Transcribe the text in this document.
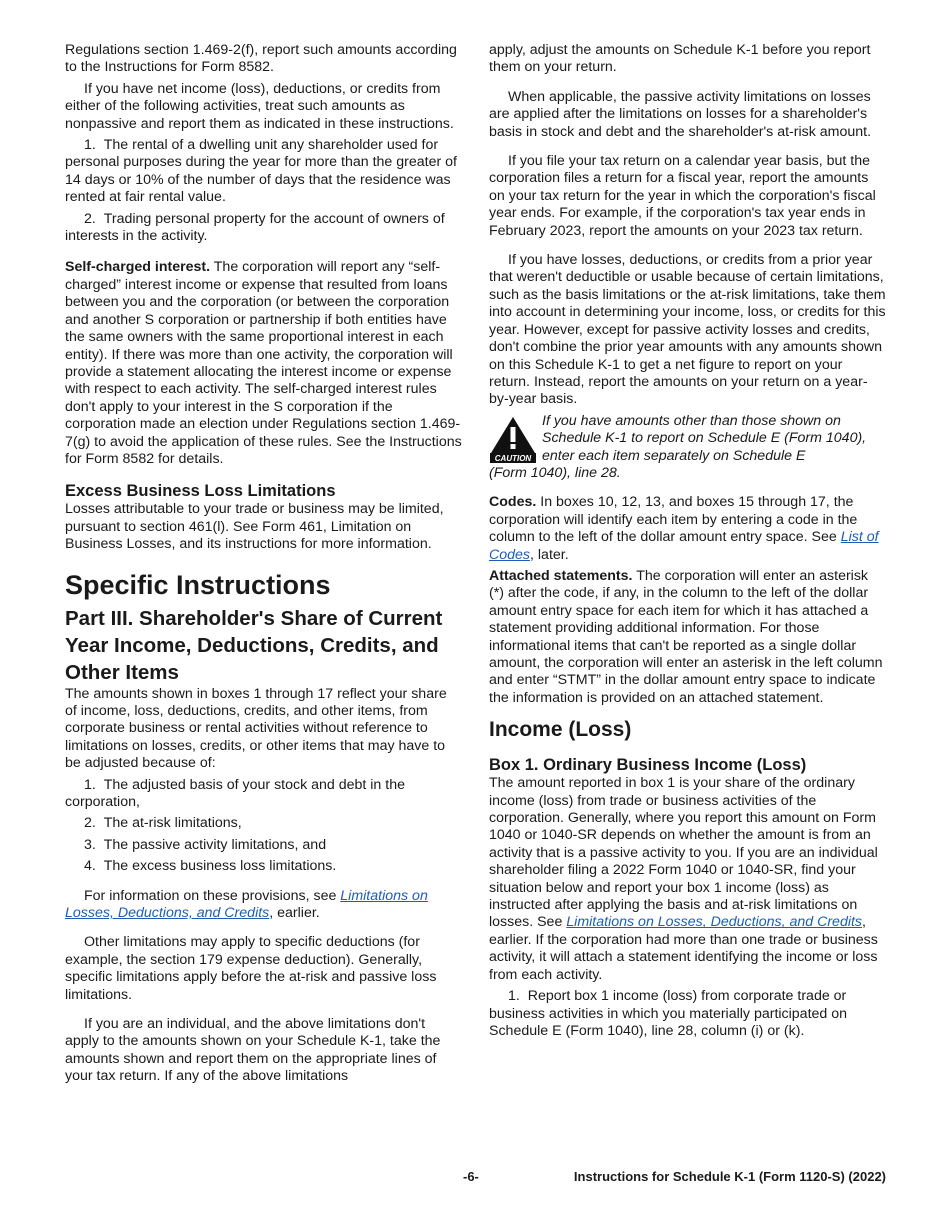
Regulations section 1.469-2(f), report such amounts according to the Instructions for Form 8582.

If you have net income (loss), deductions, or credits from either of the following activities, treat such amounts as nonpassive and report them as indicated in these instructions.

1.  The rental of a dwelling unit any shareholder used for personal purposes during the year for more than the greater of 14 days or 10% of the number of days that the residence was rented at fair rental value.

2.  Trading personal property for the account of owners of interests in the activity.

Self-charged interest. The corporation will report any “self-charged” interest income or expense that resulted from loans between you and the corporation (or between the corporation and another S corporation or partnership if both entities have the same owners with the same proportional interest in each entity). If there was more than one activity, the corporation will provide a statement allocating the interest income or expense with respect to each activity. The self-charged interest rules don't apply to your interest in the S corporation if the corporation made an election under Regulations section 1.469-7(g) to avoid the application of these rules. See the Instructions for Form 8582 for details.

Excess Business Loss Limitations

Losses attributable to your trade or business may be limited, pursuant to section 461(l). See Form 461, Limitation on Business Losses, and its instructions for more information.

Specific Instructions
Part III. Shareholder's Share of Current Year Income, Deductions, Credits, and Other Items

The amounts shown in boxes 1 through 17 reflect your share of income, loss, deductions, credits, and other items, from corporate business or rental activities without reference to limitations on losses, credits, or other items that may have to be adjusted because of:

1.  The adjusted basis of your stock and debt in the corporation,

2.  The at-risk limitations,

3.  The passive activity limitations, and

4.  The excess business loss limitations.

For information on these provisions, see Limitations on Losses, Deductions, and Credits, earlier.

Other limitations may apply to specific deductions (for example, the section 179 expense deduction). Generally, specific limitations apply before the at-risk and passive loss limitations.

If you are an individual, and the above limitations don't apply to the amounts shown on your Schedule K-1, take the amounts shown and report them on the appropriate lines of your tax return. If any of the above limitations

apply, adjust the amounts on Schedule K-1 before you report them on your return.

When applicable, the passive activity limitations on losses are applied after the limitations on losses for a shareholder's basis in stock and debt and the shareholder's at-risk amount.

If you file your tax return on a calendar year basis, but the corporation files a return for a fiscal year, report the amounts on your tax return for the year in which the corporation's fiscal year ends. For example, if the corporation's tax year ends in February 2023, report the amounts on your 2023 tax return.

If you have losses, deductions, or credits from a prior year that weren't deductible or usable because of certain limitations, such as the basis limitations or the at-risk limitations, take them into account in determining your income, loss, or credits for this year. However, except for passive activity losses and credits, don't combine the prior year amounts with any amounts shown on this Schedule K-1 to get a net figure to report on your return. Instead, report the amounts on your return on a year-by-year basis.

CAUTION
If you have amounts other than those shown on Schedule K-1 to report on Schedule E (Form 1040), enter each item separately on Schedule E
(Form 1040), line 28.

Codes. In boxes 10, 12, 13, and boxes 15 through 17, the corporation will identify each item by entering a code in the column to the left of the dollar amount entry space. See List of Codes, later.

Attached statements. The corporation will enter an asterisk (*) after the code, if any, in the column to the left of the dollar amount entry space for each item for which it has attached a statement providing additional information. For those informational items that can't be reported as a single dollar amount, the corporation will enter an asterisk in the left column and enter “STMT” in the dollar amount entry space to indicate the information is provided on an attached statement.

Income (Loss)
Box 1. Ordinary Business Income (Loss)

The amount reported in box 1 is your share of the ordinary income (loss) from trade or business activities of the corporation. Generally, where you report this amount on Form 1040 or 1040-SR depends on whether the amount is from an activity that is a passive activity to you. If you are an individual shareholder filing a 2022 Form 1040 or 1040-SR, find your situation below and report your box 1 income (loss) as instructed after applying the basis and at-risk limitations on losses. See Limitations on Losses, Deductions, and Credits, earlier. If the corporation had more than one trade or business activity, it will attach a statement identifying the income or loss from each activity.

1.  Report box 1 income (loss) from corporate trade or business activities in which you materially participated on Schedule E (Form 1040), line 28, column (i) or (k).

-6-	Instructions for Schedule K-1 (Form 1120-S) (2022)
